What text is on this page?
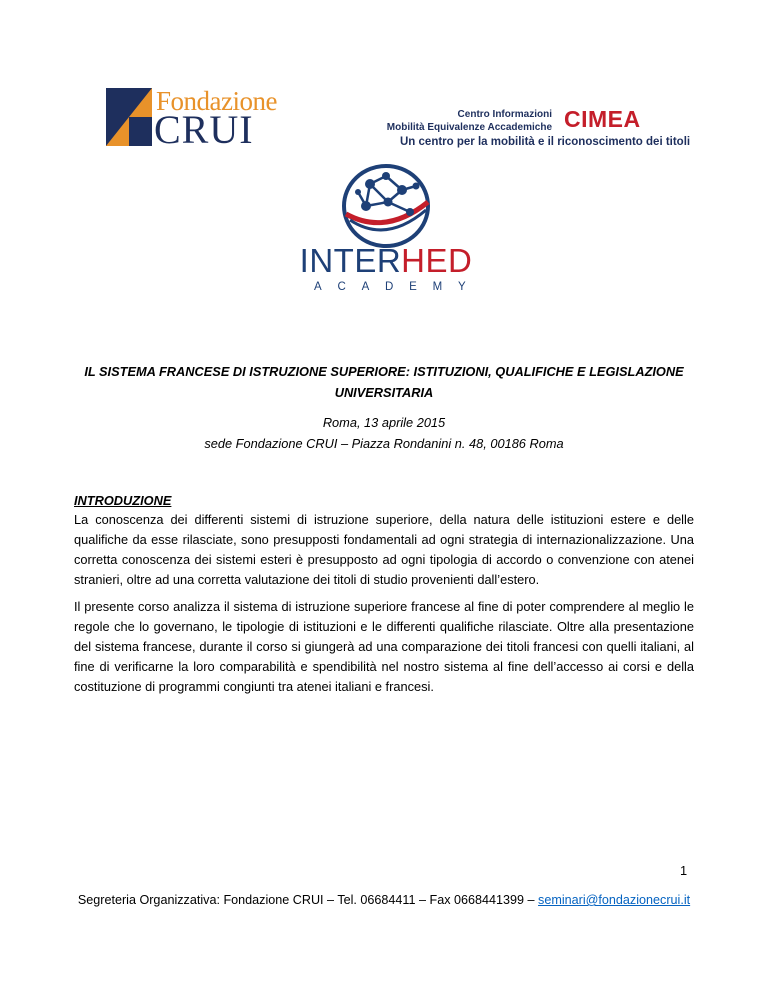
Fondazione
CRUI	Centro Informazioni
Mobilità Equivalenze Accademiche CIMEA
Un centro per la mobilità e il riconoscimento dei titoli
INTERHED
ACADEMY
IL SISTEMA FRANCESE DI ISTRUZIONE SUPERIORE: ISTITUZIONI, QUALIFICHE E LEGISLAZIONE UNIVERSITARIA
Roma, 13 aprile 2015
sede Fondazione CRUI – Piazza Rondanini n. 48, 00186 Roma
INTRODUZIONE

La conoscenza dei differenti sistemi di istruzione superiore, della natura delle istituzioni estere e delle qualifiche da esse rilasciate, sono presupposti fondamentali ad ogni strategia di internazionalizzazione. Una corretta conoscenza dei sistemi esteri è presupposto ad ogni tipologia di accordo o convenzione con atenei stranieri, oltre ad una corretta valutazione dei titoli di studio provenienti dall’estero.

Il presente corso analizza il sistema di istruzione superiore francese al fine di poter comprendere al meglio le regole che lo governano, le tipologie di istituzioni e le differenti qualifiche rilasciate. Oltre alla presentazione del sistema francese, durante il corso si giungerà ad una comparazione dei titoli francesi con quelli italiani, al fine di verificarne la loro comparabilità e spendibilità nel nostro sistema al fine dell’accesso ai corsi e della costituzione di programmi congiunti tra atenei italiani e francesi.

1
Segreteria Organizzativa: Fondazione CRUI – Tel. 06684411 – Fax 0668441399 – seminari@fondazionecrui.it
